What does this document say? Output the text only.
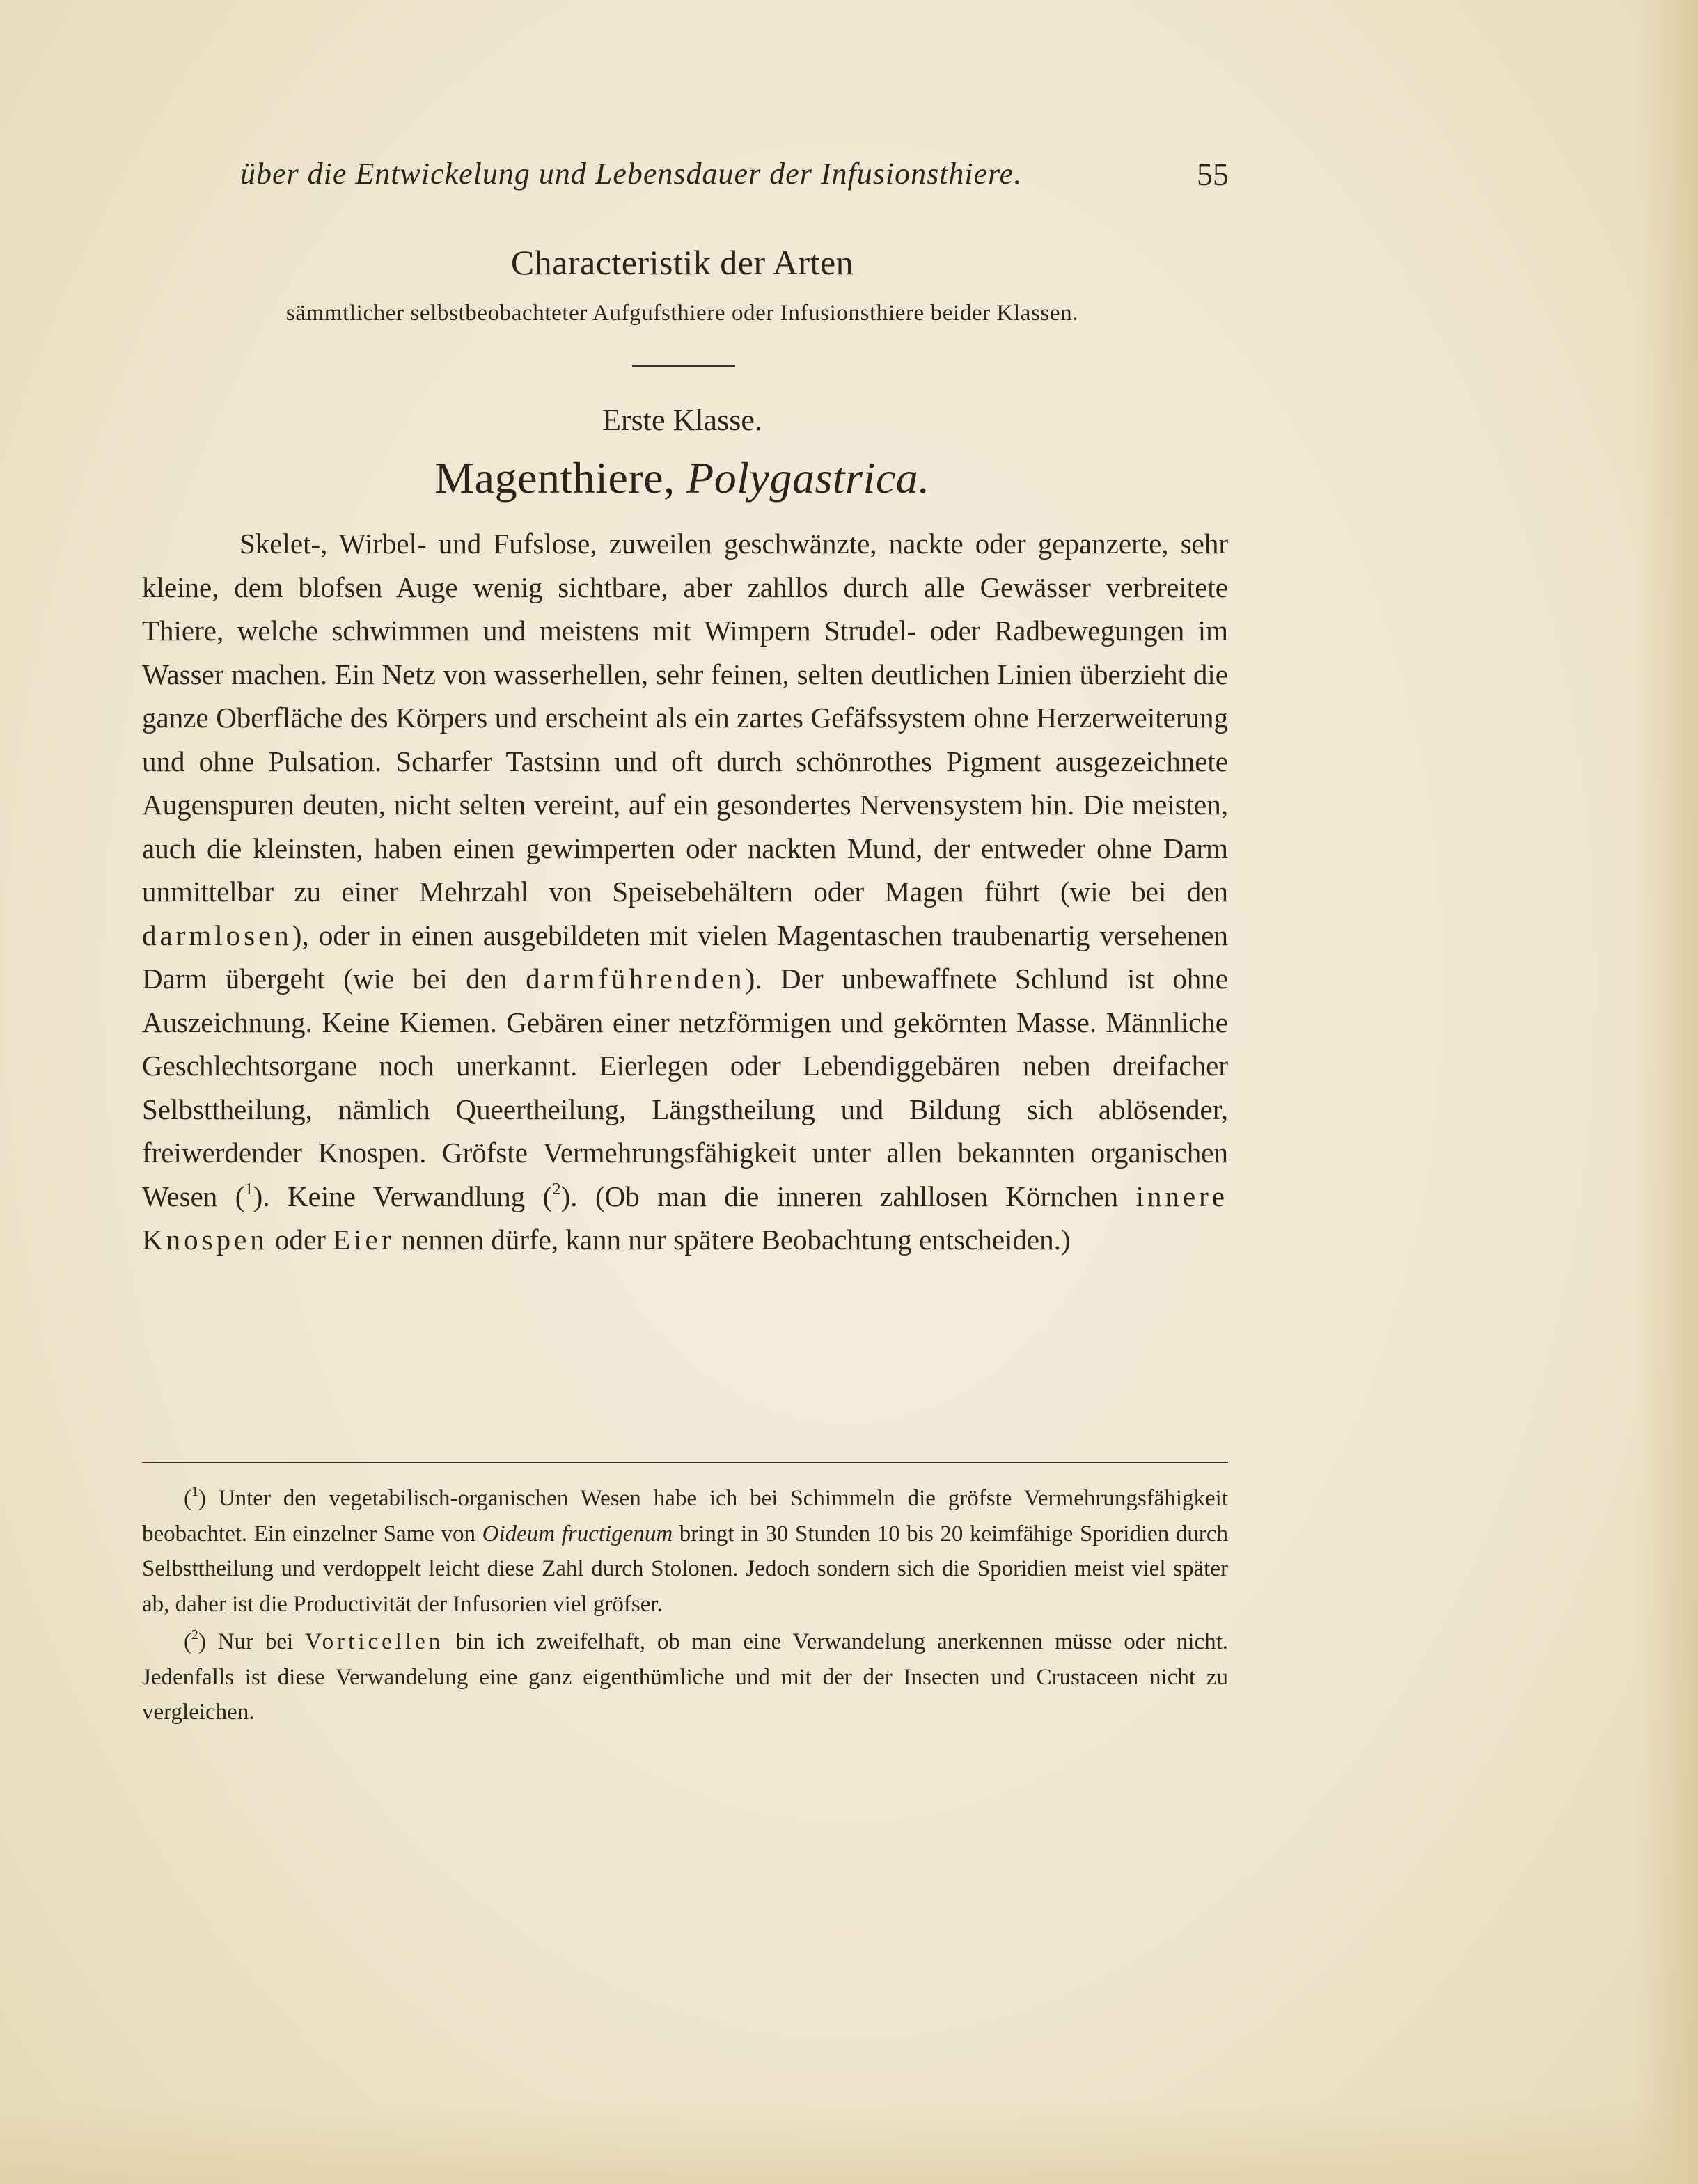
über die Entwickelung und Lebensdauer der Infusionsthiere.	55
Characteristik der Arten
sämmtlicher selbstbeobachteter Aufgufsthiere oder Infusionsthiere beider Klassen.
Erste Klasse.
Magenthiere, Polygastrica.

Skelet-, Wirbel- und Fufslose, zuweilen geschwänzte, nackte oder gepanzerte, sehr kleine, dem blofsen Auge wenig sichtbare, aber zahllos durch alle Gewässer verbreitete Thiere, welche schwimmen und meistens mit Wimpern Strudel- oder Radbewegungen im Wasser machen. Ein Netz von wasserhellen, sehr feinen, selten deutlichen Linien überzieht die ganze Oberfläche des Körpers und erscheint als ein zartes Gefäfssystem ohne Herzerweiterung und ohne Pulsation. Scharfer Tastsinn und oft durch schönrothes Pigment ausgezeichnete Augenspuren deuten, nicht selten vereint, auf ein gesondertes Nervensystem hin. Die meisten, auch die kleinsten, haben einen gewimperten oder nackten Mund, der entweder ohne Darm unmittelbar zu einer Mehrzahl von Speisebehältern oder Magen führt (wie bei den darmlosen), oder in einen ausgebildeten mit vielen Magentaschen traubenartig versehenen Darm übergeht (wie bei den darmführenden). Der unbewaffnete Schlund ist ohne Auszeichnung. Keine Kiemen. Gebären einer netzförmigen und gekörnten Masse. Männliche Geschlechtsorgane noch unerkannt. Eierlegen oder Lebendiggebären neben dreifacher Selbsttheilung, nämlich Queertheilung, Längstheilung und Bildung sich ablösender, freiwerdender Knospen. Gröfste Vermehrungsfähigkeit unter allen bekannten organischen Wesen ($^1$). Keine Verwandlung ($^2$). (Ob man die inneren zahllosen Körnchen innere Knospen oder Eier nennen dürfe, kann nur spätere Beobachtung entscheiden.)

($^1$) Unter den vegetabilisch-organischen Wesen habe ich bei Schimmeln die gröfste Vermehrungsfähigkeit beobachtet. Ein einzelner Same von Oideum fructigenum bringt in 30 Stunden 10 bis 20 keimfähige Sporidien durch Selbsttheilung und verdoppelt leicht diese Zahl durch Stolonen. Jedoch sondern sich die Sporidien meist viel später ab, daher ist die Productivität der Infusorien viel gröfser.

($^2$) Nur bei Vorticellen bin ich zweifelhaft, ob man eine Verwandelung anerkennen müsse oder nicht. Jedenfalls ist diese Verwandelung eine ganz eigenthümliche und mit der der Insecten und Crustaceen nicht zu vergleichen.
